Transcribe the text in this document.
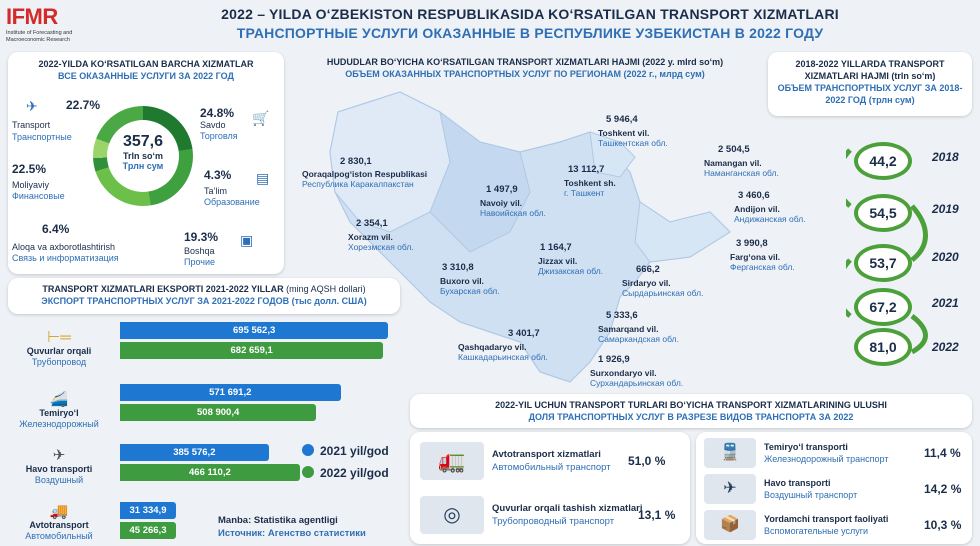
IFMR
Institute of Forecasting and Macroeconomic Research
2022 – YILDA O‘ZBEKISTON RESPUBLIKASIDA KO‘RSATILGAN TRANSPORT XIZMATLARI
ТРАНСПОРТНЫЕ УСЛУГИ ОКАЗАННЫЕ В РЕСПУБЛИКЕ УЗБЕКИСТАН В 2022 ГОДУ
2022-YILDA KO‘RSATILGAN BARCHA XIZMATLAR
ВСЕ ОКАЗАННЫЕ УСЛУГИ ЗА 2022 ГОД
357,6
Trln so‘m
Трлн сум
✈ 22.7%
Transport
Транспортные
24.8%	🛒
Savdo
Торговля
22.5%
Moliyaviy
Финансовые
4.3%	▤
Ta’lim
Образование
6.4%
Aloqa va axborotlashtirish
Связь и информатизация
19.3%	▣
Boshqa
Прочие
HUDUDLAR BO‘YICHA KO‘RSATILGAN TRANSPORT XIZMATLARI HAJMI (2022 y. mlrd so‘m)
ОБЪЕМ ОКАЗАННЫХ ТРАНСПОРТНЫХ УСЛУГ ПО РЕГИОНАМ (2022 г., млрд сум)
2 830,1
Qoraqalpog‘iston Respublikasi
Республика Каракалпакстан
5 946,4
Toshkent vil.
Ташкентская обл.
13 112,7
Toshkent sh.
г. Ташкент
2 504,5
Namangan vil.
Наманганская обл.
1 497,9
Navoiy vil.
Навоийская обл.
3 460,6
Andijon vil.
Андижанская обл.
2 354,1
Xorazm vil.
Хорезмская обл.	3 990,8
Farg‘ona vil.
Ферганская обл.
1 164,7
Jizzax vil.
Джизакская обл.
3 310,8
Buxoro vil.
Бухарская обл.
666,2
Sirdaryo vil.
Сырдарьинская обл.
5 333,6
Samarqand vil.
Самаркандская обл.
3 401,7
Qashqadaryo vil.
Кашкадарьинская обл.	1 926,9
Surxondaryo vil.
Сурхандарьинская обл.
2018-2022 YILLARDA TRANSPORT XIZMATLARI HAJMI (trln so‘m)
ОБЪЕМ ТРАНСПОРТНЫХ УСЛУГ ЗА 2018-2022 ГОД (трлн сум)
44,2	2018
54,5	2019
53,7	2020
67,2	2021
81,0	2022
TRANSPORT XIZMATLARI EKSPORTI 2021-2022 YILLAR (ming AQSH dollari)
ЭКСПОРТ ТРАНСПОРТНЫХ УСЛУГ ЗА 2021-2022 ГОДОВ (тыс долл. США)
⊢═
Quvurlar orqali
Трубопровод
🚄
Temiryo‘l
Железнодорожный
✈
Havo transporti
Воздушный
🚚
Avtotransport
Автомобильный
695 562,3
682 659,1
571 691,2
508 900,4
385 576,2
466 110,2
31 334,9
45 266,3
2021 yil/god
2022 yil/god
Manba: Statistika agentligi
Источник: Агенство статистики
2022-YIL UCHUN TRANSPORT TURLARI BO‘YICHA TRANSPORT XIZMATLARINING ULUSHI
ДОЛЯ ТРАНСПОРТНЫХ УСЛУГ В РАЗРЕЗЕ ВИДОВ ТРАНСПОРТА ЗА 2022
🚛	Avtotransport xizmatlari
Автомобильный транспорт 51,0 %
◎	Quvurlar orqali tashish xizmatlari
Трубопроводный транспорт	13,1 %
🚆	Temiryo‘l transporti
Железнодорожный транспорт	11,4 %
✈	Havo transporti
Воздушный транспорт	14,2 %
📦	Yordamchi transport faoliyati
Вспомогательные услуги	10,3 %
